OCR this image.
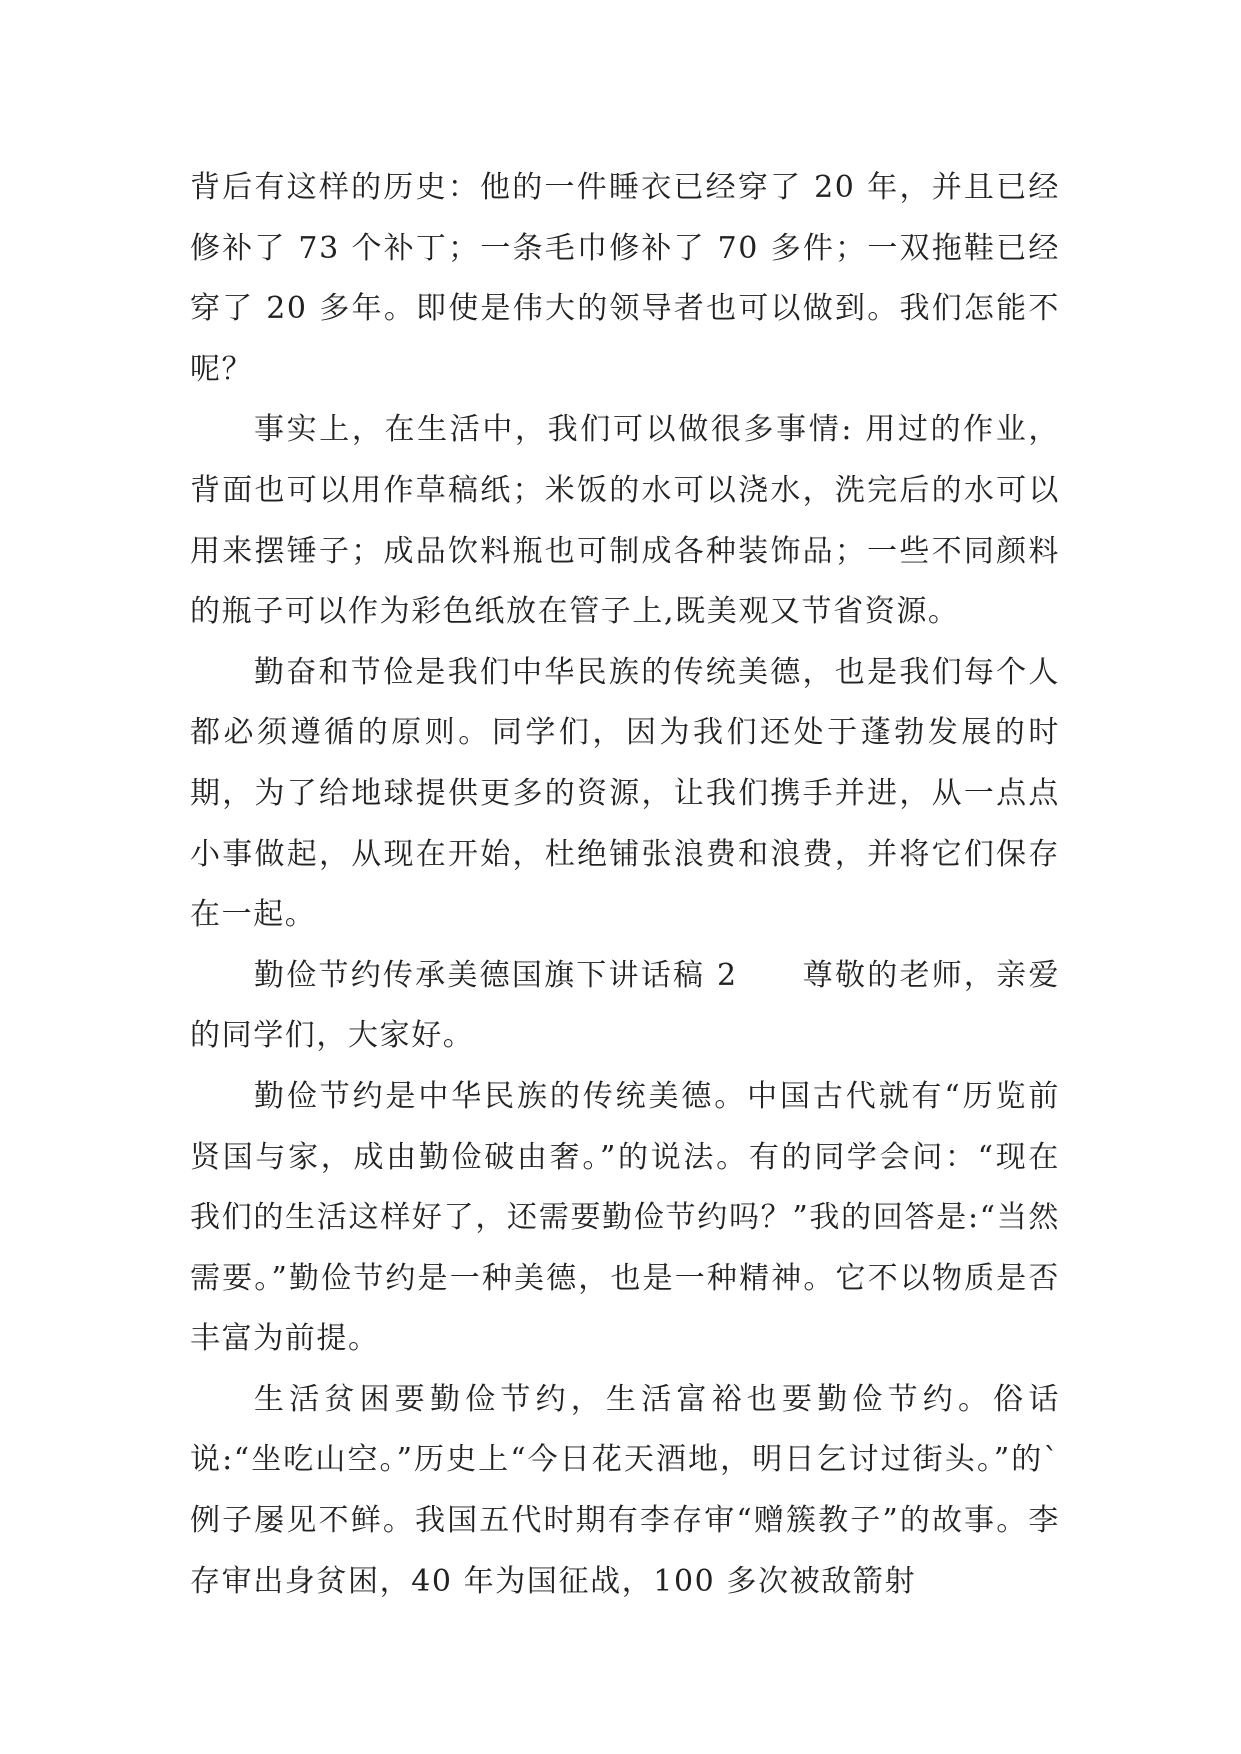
背后有这样的历史：他的一件睡衣已经穿了 20 年，并且已经修补了 73 个补丁；一条毛巾修补了 70 多件；一双拖鞋已经穿了 20 多年。即使是伟大的领导者也可以做到。我们怎能不呢？

事实上，在生活中，我们可以做很多事情: 用过的作业，背面也可以用作草稿纸；米饭的水可以浇水，洗完后的水可以用来摆锤子；成品饮料瓶也可制成各种装饰品；一些不同颜料的瓶子可以作为彩色纸放在管子上,既美观又节省资源。

勤奋和节俭是我们中华民族的传统美德，也是我们每个人都必须遵循的原则。同学们，因为我们还处于蓬勃发展的时期，为了给地球提供更多的资源，让我们携手并进，从一点点小事做起，从现在开始，杜绝铺张浪费和浪费，并将它们保存在一起。

勤俭节约传承美德国旗下讲话稿 2　　尊敬的老师，亲爱的同学们，大家好。

勤俭节约是中华民族的传统美德。中国古代就有“历览前贤国与家，成由勤俭破由奢。”的说法。有的同学会问：“现在我们的生活这样好了，还需要勤俭节约吗？”我的回答是:“当然需要。”勤俭节约是一种美德，也是一种精神。它不以物质是否丰富为前提。

生活贫困要勤俭节约，生活富裕也要勤俭节约。俗话说:“坐吃山空。”历史上“今日花天酒地，明日乞讨过街头。”的`例子屡见不鲜。我国五代时期有李存审“赠簇教子”的故事。李存审出身贫困，40 年为国征战，100 多次被敌箭射
